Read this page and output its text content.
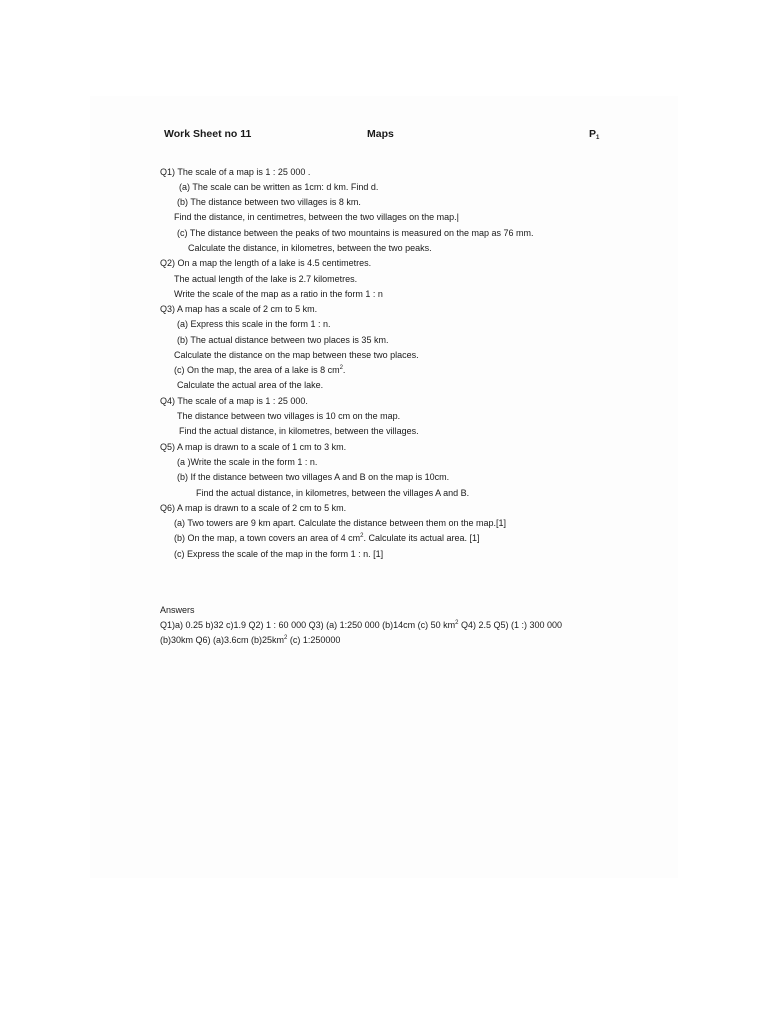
Work Sheet no 11	Maps	$P_1$
Q1) The scale of a map is 1 : 25 000 .
(a) The scale can be written as 1cm: d km. Find d.
(b) The distance between two villages is 8 km.
Find the distance, in centimetres, between the two villages on the map.|
(c) The distance between the peaks of two mountains is measured on the map as 76 mm.
Calculate the distance, in kilometres, between the two peaks.
Q2) On a map the length of a lake is 4.5 centimetres.
The actual length of the lake is 2.7 kilometres.
Write the scale of the map as a ratio in the form 1 : n
Q3) A map has a scale of 2 cm to 5 km.
(a) Express this scale in the form 1 : n.
(b) The actual distance between two places is 35 km.
Calculate the distance on the map between these two places.
(c) On the map, the area of a lake is 8 $cm^2$.
Calculate the actual area of the lake.
Q4) The scale of a map is 1 : 25 000.
The distance between two villages is 10 cm on the map.
Find the actual distance, in kilometres, between the villages.
Q5) A map is drawn to a scale of 1 cm to 3 km.
(a )Write the scale in the form 1 : n.
(b) If the distance between two villages A and B on the map is 10cm.
Find the actual distance, in kilometres, between the villages A and B.
Q6) A map is drawn to a scale of 2 cm to 5 km.
(a) Two towers are 9 km apart. Calculate the distance between them on the map.[1]
(b) On the map, a town covers an area of 4 $cm^2$. Calculate its actual area. [1]
(c) Express the scale of the map in the form 1 : n. [1]
Answers
Q1)a) 0.25 b)32 c)1.9 Q2) 1 : 60 000 Q3) (a) 1:250 000 (b)14cm (c) 50 $km^2$ Q4) 2.5 Q5) (1 :) 300 000
(b)30km Q6) (a)3.6cm $(b)25km^2$ (c) 1:250000
